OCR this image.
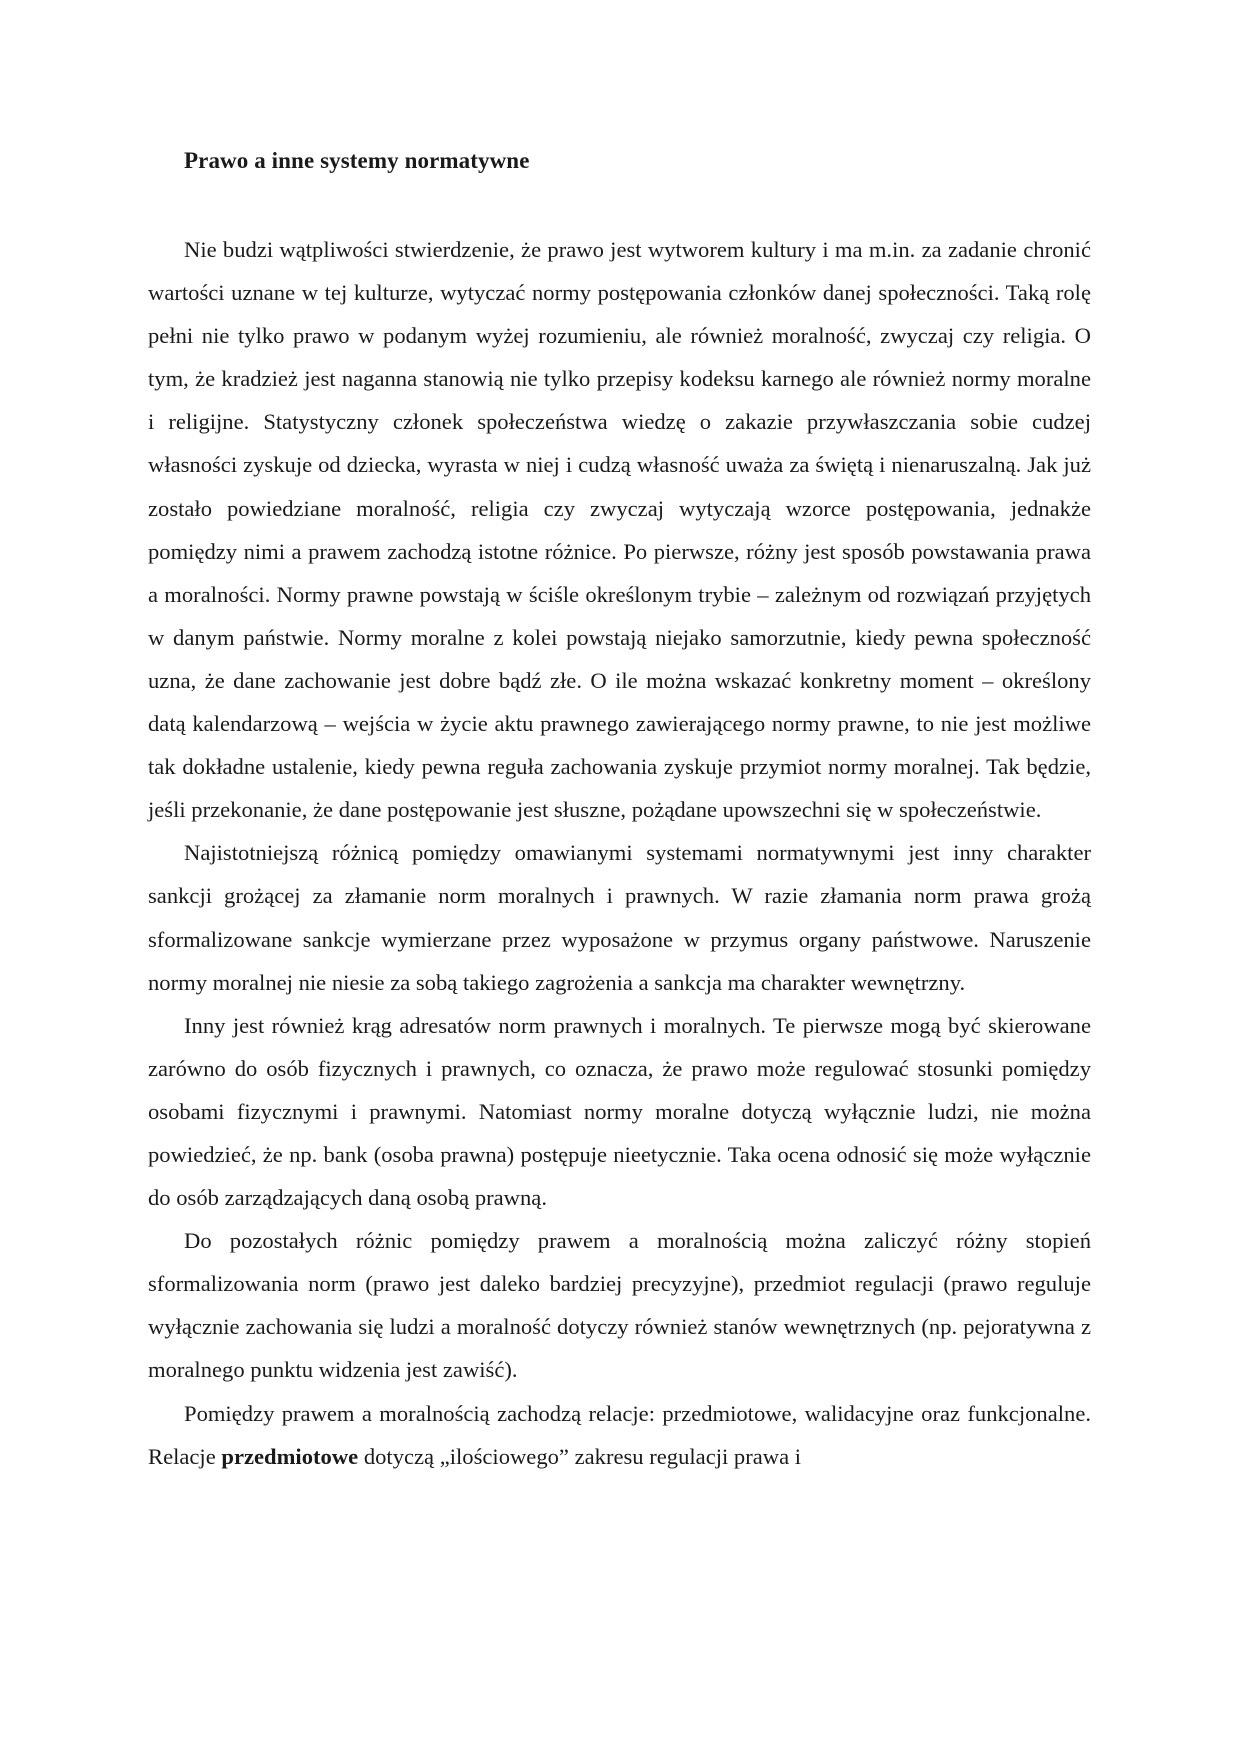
Prawo a inne systemy normatywne

Nie budzi wątpliwości stwierdzenie, że prawo jest wytworem kultury i ma m.in. za zadanie chronić wartości uznane w tej kulturze, wytyczać normy postępowania członków danej społeczności. Taką rolę pełni nie tylko prawo w podanym wyżej rozumieniu, ale również moralność, zwyczaj czy religia. O tym, że kradzież jest naganna stanowią nie tylko przepisy kodeksu karnego ale również normy moralne i religijne. Statystyczny członek społeczeństwa wiedzę o zakazie przywłaszczania sobie cudzej własności zyskuje od dziecka, wyrasta w niej i cudzą własność uważa za świętą i nienaruszalną. Jak już zostało powiedziane moralność, religia czy zwyczaj wytyczają wzorce postępowania, jednakże pomiędzy nimi a prawem zachodzą istotne różnice. Po pierwsze, różny jest sposób powstawania prawa a moralności. Normy prawne powstają w ściśle określonym trybie – zależnym od rozwiązań przyjętych w danym państwie. Normy moralne z kolei powstają niejako samorzutnie, kiedy pewna społeczność uzna, że dane zachowanie jest dobre bądź złe. O ile można wskazać konkretny moment – określony datą kalendarzową – wejścia w życie aktu prawnego zawierającego normy prawne, to nie jest możliwe tak dokładne ustalenie, kiedy pewna reguła zachowania zyskuje przymiot normy moralnej. Tak będzie, jeśli przekonanie, że dane postępowanie jest słuszne, pożądane upowszechni się w społeczeństwie.

Najistotniejszą różnicą pomiędzy omawianymi systemami normatywnymi jest inny charakter sankcji grożącej za złamanie norm moralnych i prawnych. W razie złamania norm prawa grożą sformalizowane sankcje wymierzane przez wyposażone w przymus organy państwowe. Naruszenie normy moralnej nie niesie za sobą takiego zagrożenia a sankcja ma charakter wewnętrzny.

Inny jest również krąg adresatów norm prawnych i moralnych. Te pierwsze mogą być skierowane zarówno do osób fizycznych i prawnych, co oznacza, że prawo może regulować stosunki pomiędzy osobami fizycznymi i prawnymi. Natomiast normy moralne dotyczą wyłącznie ludzi, nie można powiedzieć, że np. bank (osoba prawna) postępuje nieetycznie. Taka ocena odnosić się może wyłącznie do osób zarządzających daną osobą prawną.

Do pozostałych różnic pomiędzy prawem a moralnością można zaliczyć różny stopień sformalizowania norm (prawo jest daleko bardziej precyzyjne), przedmiot regulacji (prawo reguluje wyłącznie zachowania się ludzi a moralność dotyczy również stanów wewnętrznych (np. pejoratywna z moralnego punktu widzenia jest zawiść).

Pomiędzy prawem a moralnością zachodzą relacje: przedmiotowe, walidacyjne oraz funkcjonalne. Relacje przedmiotowe dotyczą „ilościowego” zakresu regulacji prawa i
